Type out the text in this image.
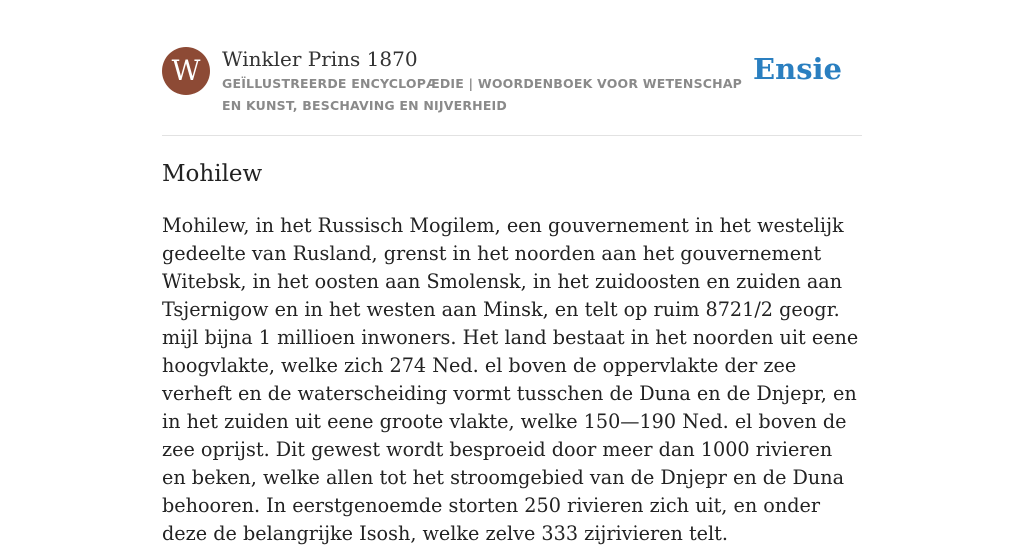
W	Winkler Prins 1870
GEÏLLUSTREERDE ENCYCLOPÆDIE | WOORDENBOEK VOOR WETENSCHAP EN KUNST, BESCHAVING EN NIJVERHEID
Ensie
Mohilew

Mohilew, in het Russisch Mogilem, een gouvernement in het westelijk gedeelte van Rusland, grenst in het noorden aan het gouvernement Witebsk, in het oosten aan Smolensk, in het zuidoosten en zuiden aan Tsjernigow en in het westen aan Minsk, en telt op ruim 8721/2 geogr. mijl bijna 1 millioen inwoners. Het land bestaat in het noorden uit eene hoogvlakte, welke zich 274 Ned. el boven de oppervlakte der zee verheft en de waterscheiding vormt tusschen de Duna en de Dnjepr, en in het zuiden uit eene groote vlakte, welke 150—190 Ned. el boven de zee oprijst. Dit gewest wordt besproeid door meer dan 1000 rivieren en beken, welke allen tot het stroomgebied van de Dnjepr en de Duna behooren. In eerstgenoemde storten 250 rivieren zich uit, en onder deze de belangrijke Isosh, welke zelve 333 zijrivieren telt.
